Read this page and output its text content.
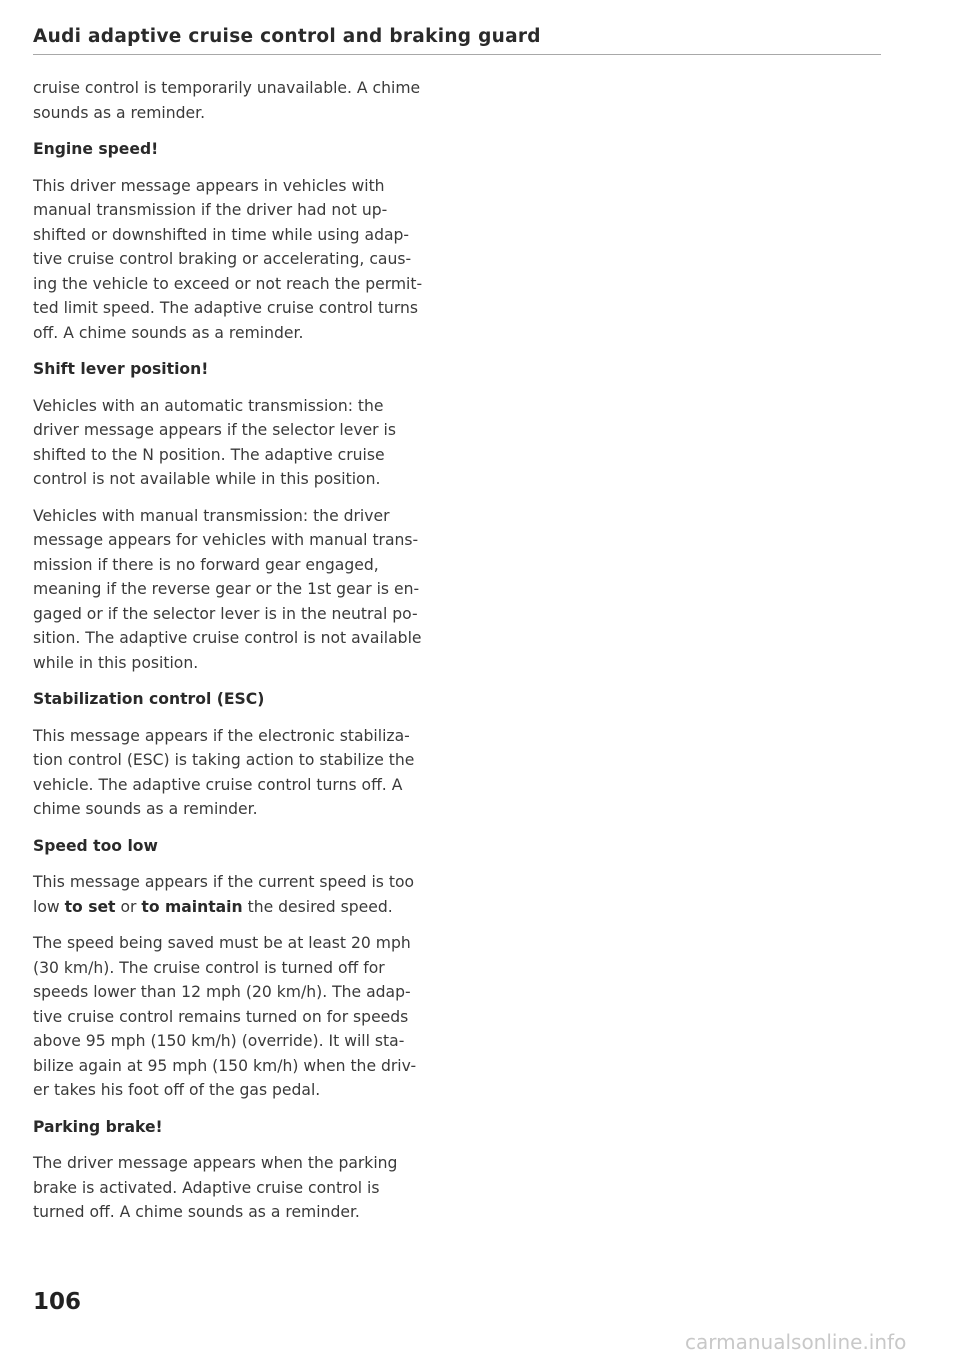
Audi adaptive cruise control and braking guard

cruise control is temporarily unavailable. A chime
sounds as a reminder.

Engine speed!

This driver message appears in vehicles with
manual transmission if the driver had not up-
shifted or downshifted in time while using adap-
tive cruise control braking or accelerating, caus-
ing the vehicle to exceed or not reach the permit-
ted limit speed. The adaptive cruise control turns
off. A chime sounds as a reminder.

Shift lever position!

Vehicles with an automatic transmission: the
driver message appears if the selector lever is
shifted to the N position. The adaptive cruise
control is not available while in this position.

Vehicles with manual transmission: the driver
message appears for vehicles with manual trans-
mission if there is no forward gear engaged,
meaning if the reverse gear or the 1st gear is en-
gaged or if the selector lever is in the neutral po-
sition. The adaptive cruise control is not available
while in this position.

Stabilization control (ESC)

This message appears if the electronic stabiliza-
tion control (ESC) is taking action to stabilize the
vehicle. The adaptive cruise control turns off. A
chime sounds as a reminder.

Speed too low

This message appears if the current speed is too
low to set or to maintain the desired speed.

The speed being saved must be at least 20 mph
(30 km/h). The cruise control is turned off for
speeds lower than 12 mph (20 km/h). The adap-
tive cruise control remains turned on for speeds
above 95 mph (150 km/h) (override). It will sta-
bilize again at 95 mph (150 km/h) when the driv-
er takes his foot off of the gas pedal.

Parking brake!

The driver message appears when the parking
brake is activated. Adaptive cruise control is
turned off. A chime sounds as a reminder.

106
carmanualsonline.info
